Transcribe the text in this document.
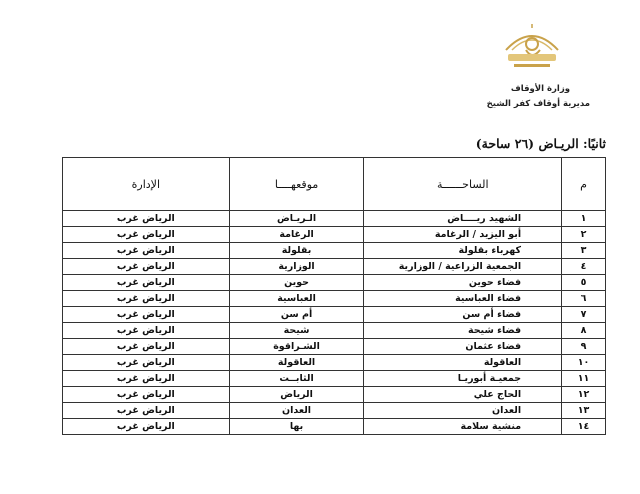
وزارة الأوقاف
مديرية أوقاف كفر الشيخ
ثانيًا: الريـاض (٢٦ ساحة)
م	الساحــــــة	موقعهــــا	الإدارة
١	الشهيد ريــــاض	الـريـاض	الرياض غرب
٢	أبو اليزيد / الرغامة	الرغامة	الرياض غرب
٣	كهرباء بقلولة	بقلولة	الرياض غرب
٤	الجمعية الزراعية / الوزارية	الوزارية	الرياض غرب
٥	فضاء حوين	حوين	الرياض غرب
٦	فضاء العباسية	العباسية	الرياض غرب
٧	فضاء أم سن	أم سن	الرياض غرب
٨	فضاء شيحة	شيحة	الرياض غرب
٩	فضاء عثمان	الشـراقوة	الرياض غرب
١٠	العاقولة	العاقولة	الرياض غرب
١١	جمعيـة أبوريـا	الثابــت	الرياض غرب
١٢	الحاج علي	الرياض	الرياض غرب
١٣	العدان	العدان	الرياض غرب
١٤	منشية سلامة	بها	الرياض غرب
